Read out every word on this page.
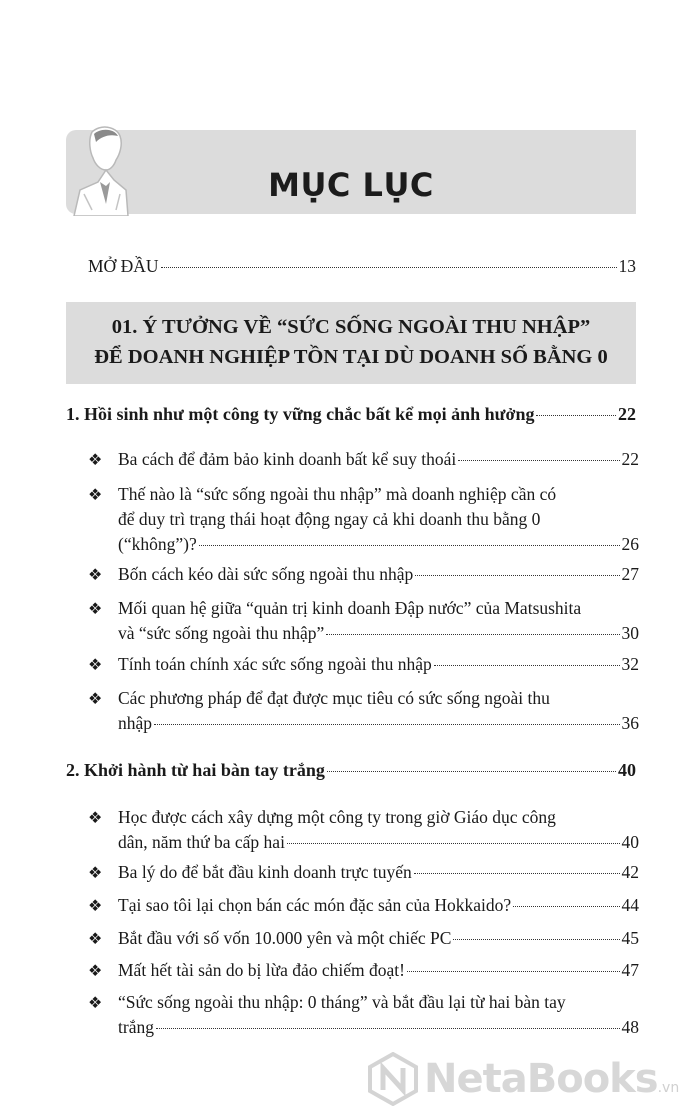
MỤC LỤC
MỞ ĐẦU	13
01. Ý TƯỞNG VỀ “SỨC SỐNG NGOÀI THU NHẬP”
ĐỂ DOANH NGHIỆP TỒN TẠI DÙ DOANH SỐ BẰNG 0
1. Hồi sinh như một công ty vững chắc bất kể mọi ảnh hưởng	22
❖ Ba cách để đảm bảo kinh doanh bất kể suy thoái	22
❖ Thế nào là “sức sống ngoài thu nhập” mà doanh nghiệp cần có
để duy trì trạng thái hoạt động ngay cả khi doanh thu bằng 0
(“không”)?	26
❖ Bốn cách kéo dài sức sống ngoài thu nhập	27
❖ Mối quan hệ giữa “quản trị kinh doanh Đập nước” của Matsushita
và “sức sống ngoài thu nhập”	30
❖ Tính toán chính xác sức sống ngoài thu nhập	32
❖ Các phương pháp để đạt được mục tiêu có sức sống ngoài thu
nhập	36
2. Khởi hành từ hai bàn tay trắng	40
❖ Học được cách xây dựng một công ty trong giờ Giáo dục công
dân, năm thứ ba cấp hai	40
❖ Ba lý do để bắt đầu kinh doanh trực tuyến	42
❖ Tại sao tôi lại chọn bán các món đặc sản của Hokkaido?	44
❖ Bắt đầu với số vốn 10.000 yên và một chiếc PC	45
❖ Mất hết tài sản do bị lừa đảo chiếm đoạt!	47
❖ “Sức sống ngoài thu nhập: 0 tháng” và bắt đầu lại từ hai bàn tay
trắng	48
NetaBooks .vn
